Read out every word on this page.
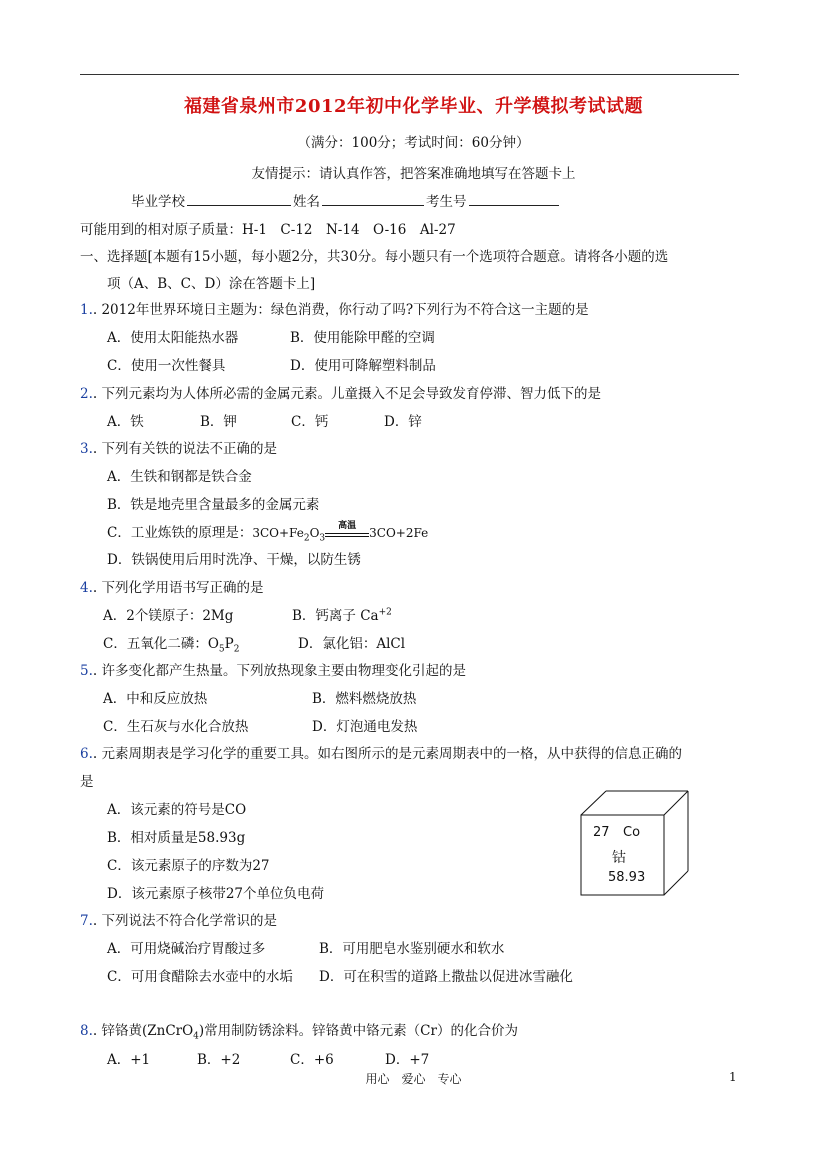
福建省泉州市2012年初中化学毕业、升学模拟考试试题
（满分：100分；考试时间：60分钟）
友情提示：请认真作答，把答案准确地填写在答题卡上
毕业学校	姓名	考生号
可能用到的相对原子质量：H-1　C-12　N-14　O-16　Al-27
一、选择题[本题有15小题，每小题2分，共30分。每小题只有一个选项符合题意。请将各小题的选
项（A、B、C、D）涂在答题卡上]
1.. 2012年世界环境日主题为：绿色消费，你行动了吗?下列行为不符合这一主题的是
A．使用太阳能热水器	B．使用能除甲醛的空调
C．使用一次性餐具	D．使用可降解塑料制品
2.. 下列元素均为人体所必需的金属元素。儿童摄入不足会导致发育停滞、智力低下的是
A．铁	B．钾	C．钙	D．锌
3.. 下列有关铁的说法不正确的是
A．生铁和钢都是铁合金
B．铁是地壳里含量最多的金属元素
C．工业炼铁的原理是：$3CO+Fe_2O_3$
高温
3CO+2Fe
D．铁锅使用后用时洗净、干燥，以防生锈
4.. 下列化学用语书写正确的是
A．2个镁原子：2Mg	B．钙离子 $Ca^{+2}$
C．五氧化二磷：$O_5P_2$	D．氯化铝：AlCl
5.. 许多变化都产生热量。下列放热现象主要由物理变化引起的是
A．中和反应放热	B．燃料燃烧放热
C．生石灰与水化合放热	D．灯泡通电发热
6.. 元素周期表是学习化学的重要工具。如右图所示的是元素周期表中的一格，从中获得的信息正确的
是
A．该元素的符号是CO
B．相对质量是58.93g
C．该元素原子的序数为27
D．该元素原子核带27个单位负电荷
27 Co
钴
58.93
7.. 下列说法不符合化学常识的是
A．可用烧碱治疗胃酸过多	B．可用肥皂水鉴别硬水和软水
C．可用食醋除去水壶中的水垢 D．可在积雪的道路上撒盐以促进冰雪融化
8.. 锌铬黄(ZnCrO$_4$)常用制防锈涂料。锌铬黄中铬元素（Cr）的化合价为
A．+1	B．+2	C．+6	D．+7
用心　爱心　专心	1
